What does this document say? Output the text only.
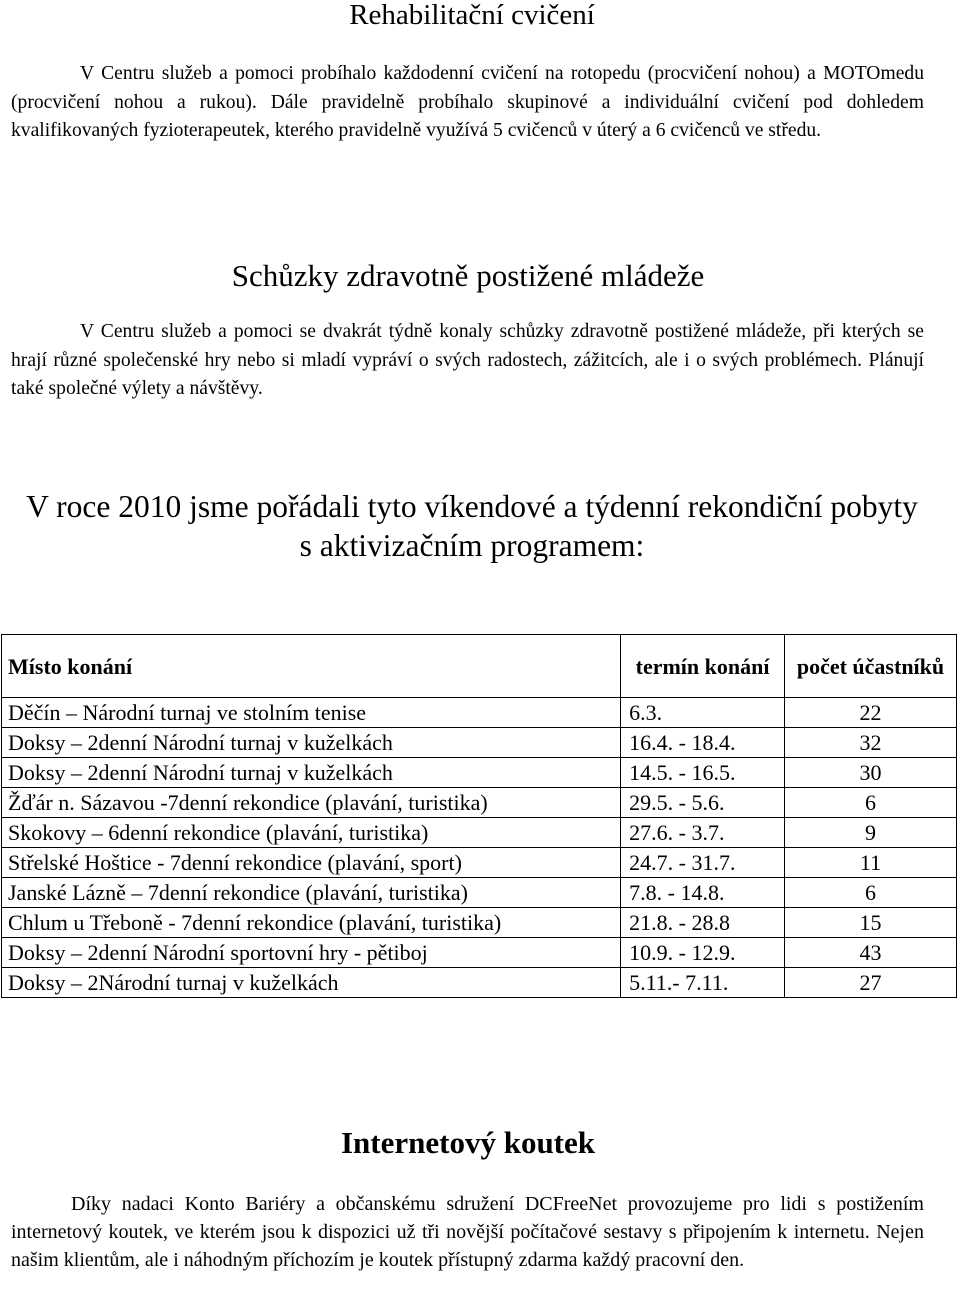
Rehabilitační cvičení

V Centru služeb a pomoci probíhalo každodenní cvičení na rotopedu (procvičení nohou) a MOTOmedu (procvičení nohou a rukou). Dále pravidelně probíhalo skupinové a individuální cvičení pod dohledem kvalifikovaných fyzioterapeutek, kterého pravidelně využívá 5 cvičenců v úterý a 6 cvičenců ve středu.

Schůzky zdravotně postižené mládeže

V Centru služeb a pomoci se dvakrát týdně konaly schůzky zdravotně postižené mládeže, při kterých se hrají různé společenské hry nebo si mladí vypráví o svých radostech, zážitcích, ale i o svých problémech. Plánují také společné výlety a návštěvy.

V roce 2010 jsme pořádali tyto víkendové a týdenní rekondiční pobyty s aktivizačním programem:
Místo konání	termín konání	počet účastníků
Děčín – Národní turnaj ve stolním tenise	6.3.	22
Doksy – 2denní Národní turnaj v kuželkách	16.4. - 18.4.	32
Doksy – 2denní Národní turnaj v kuželkách	14.5. - 16.5.	30
Žďár n. Sázavou -7denní rekondice (plavání, turistika)	29.5. - 5.6.	6
Skokovy – 6denní rekondice (plavání, turistika)	27.6. - 3.7.	9
Střelské Hoštice - 7denní rekondice (plavání, sport)	24.7. - 31.7.	11
Janské Lázně – 7denní rekondice (plavání, turistika)	7.8. - 14.8.	6
Chlum u Třeboně - 7denní rekondice (plavání, turistika)	21.8. - 28.8	15
Doksy – 2denní Národní sportovní hry - pětiboj	10.9. - 12.9.	43
Doksy – 2Národní turnaj v kuželkách	5.11.- 7.11.	27
Internetový koutek

Díky nadaci Konto Bariéry a občanskému sdružení DCFreeNet provozujeme pro lidi s postižením internetový koutek, ve kterém jsou k dispozici už tři novější počítačové sestavy s připojením k internetu. Nejen našim klientům, ale i náhodným příchozím je koutek přístupný zdarma každý pracovní den.
